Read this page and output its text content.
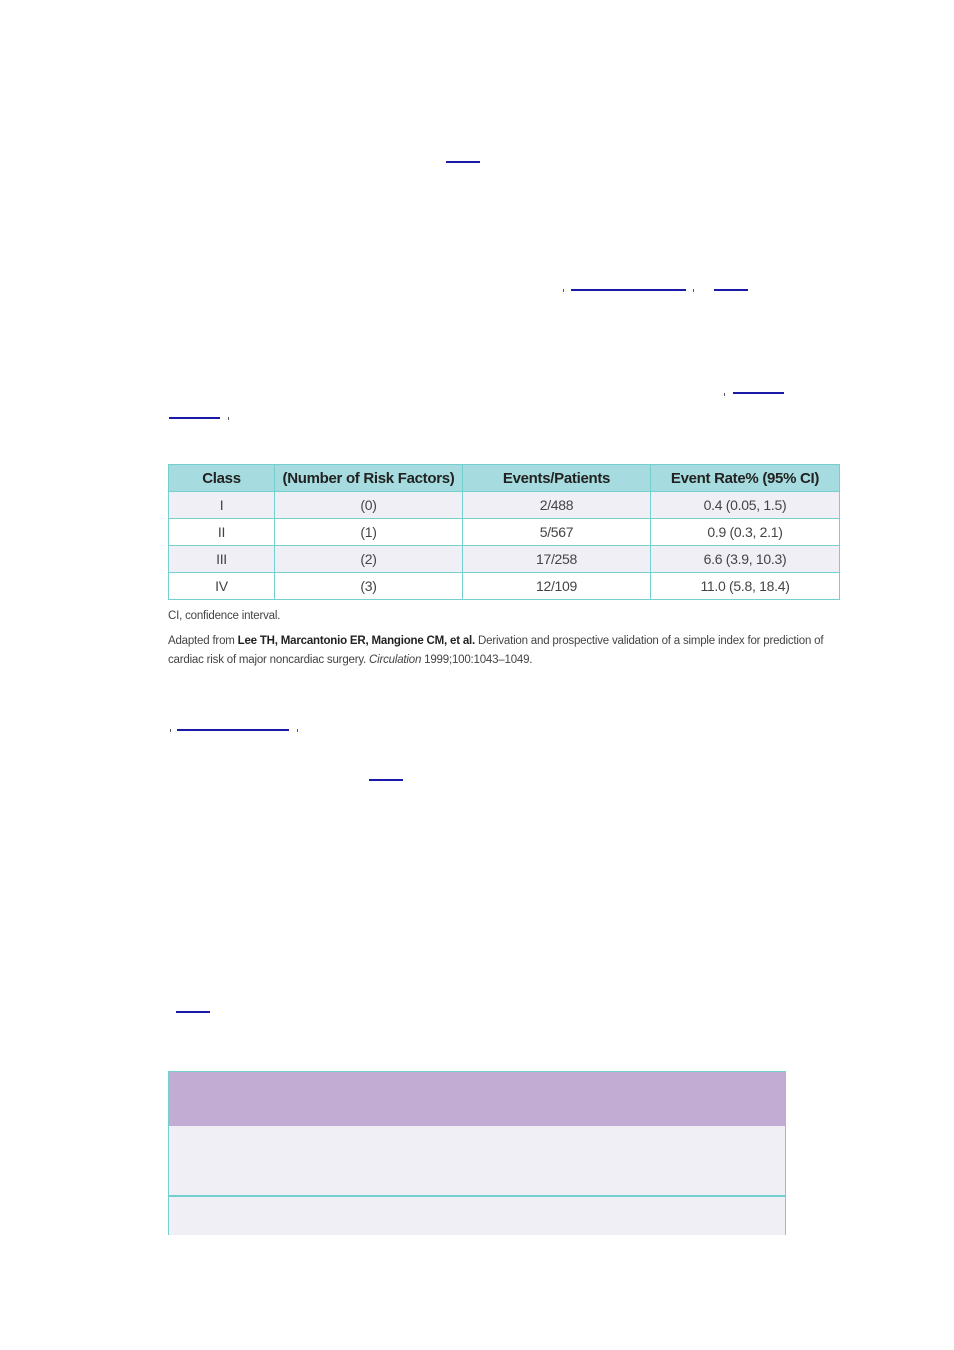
Class	(Number of Risk Factors)	Events/Patients	Event Rate% (95% CI)
I	(0)	2/488	0.4 (0.05, 1.5)
II	(1)	5/567	0.9 (0.3, 2.1)
III	(2)	17/258	6.6 (3.9, 10.3)
IV	(3)	12/109	11.0 (5.8, 18.4)
CI, confidence interval.
Adapted from Lee TH, Marcantonio ER, Mangione CM, et al. Derivation and prospective validation of a simple index for prediction of cardiac risk of major noncardiac surgery. Circulation 1999;100:1043–1049.
